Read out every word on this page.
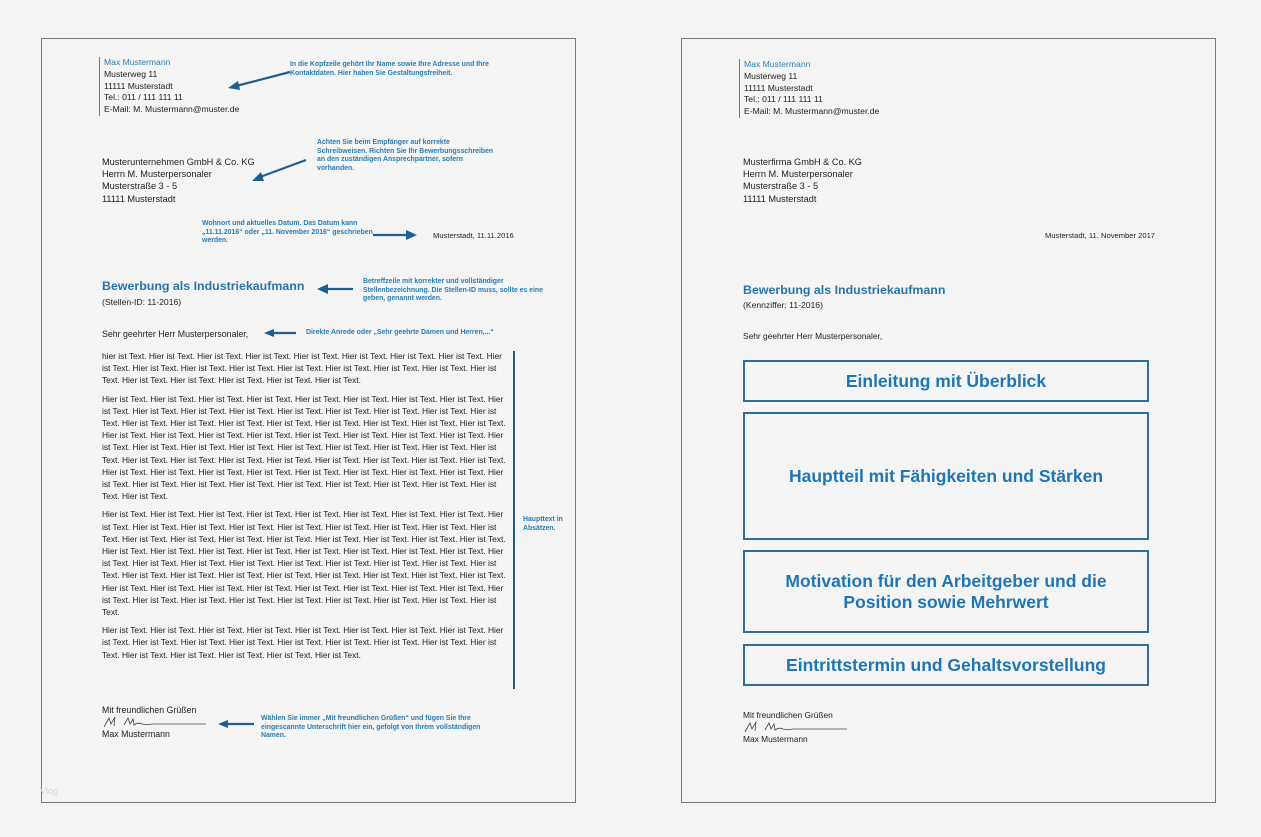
Max Mustermann
Musterweg 11
11111 Musterstadt
Tel.: 011 / 111 111 11
E-Mail: M. Mustermann@muster.de
In die Kopfzeile gehört Ihr Name sowie Ihre Adresse und Ihre Kontaktdaten. Hier haben Sie Gestaltungsfreiheit.
Musterunternehmen GmbH & Co. KG
Herrn M. Musterpersonaler
Musterstraße 3 - 5
11111 Musterstadt
Achten Sie beim Empfänger auf korrekte Schreibweisen. Richten Sie Ihr Bewerbungsschreiben an den zuständigen Ansprechpartner, sofern vorhanden.
Wohnort und aktuelles Datum. Das Datum kann „11.11.2016“ oder „11. November 2016“ geschrieben werden.
Musterstadt, 11.11.2016
Bewerbung als Industriekaufmann
(Stellen-ID: 11-2016)
Betreffzeile mit korrekter und vollständiger Stellenbezeichnung. Die Stellen-ID muss, sollte es eine geben, genannt werden.
Sehr geehrter Herr Musterpersonaler,	Direkte Anrede oder „Sehr geehrte Damen und Herren,...“

hier ist Text. Hier ist Text. Hier ist Text. Hier ist Text. Hier ist Text. Hier ist Text. Hier ist Text. Hier ist Text. Hier ist Text. Hier ist Text. Hier ist Text. Hier ist Text. Hier ist Text. Hier ist Text. Hier ist Text. Hier ist Text. Hier ist Text. Hier ist Text. Hier ist Text. Hier ist Text. Hier ist Text. Hier ist Text.

Hier ist Text. Hier ist Text. Hier ist Text. Hier ist Text. Hier ist Text. Hier ist Text. Hier ist Text. Hier ist Text. Hier ist Text. Hier ist Text. Hier ist Text. Hier ist Text. Hier ist Text. Hier ist Text. Hier ist Text. Hier ist Text. Hier ist Text. Hier ist Text. Hier ist Text. Hier ist Text. Hier ist Text. Hier ist Text. Hier ist Text. Hier ist Text. Hier ist Text. Hier ist Text. Hier ist Text. Hier ist Text. Hier ist Text. Hier ist Text. Hier ist Text. Hier ist Text. Hier ist Text. Hier ist Text. Hier ist Text. Hier ist Text. Hier ist Text. Hier ist Text. Hier ist Text. Hier ist Text. Hier ist Text. Hier ist Text. Hier ist Text. Hier ist Text. Hier ist Text. Hier ist Text. Hier ist Text. Hier ist Text. Hier ist Text. Hier ist Text. Hier ist Text. Hier ist Text. Hier ist Text. Hier ist Text. Hier ist Text. Hier ist Text. Hier ist Text. Hier ist Text. Hier ist Text. Hier ist Text. Hier ist Text. Hier ist Text. Hier ist Text. Hier ist Text. Hier ist Text. Hier ist Text. Hier ist Text. Hier ist Text.

Hier ist Text. Hier ist Text. Hier ist Text. Hier ist Text. Hier ist Text. Hier ist Text. Hier ist Text. Hier ist Text. Hier ist Text. Hier ist Text. Hier ist Text. Hier ist Text. Hier ist Text. Hier ist Text. Hier ist Text. Hier ist Text. Hier ist Text. Hier ist Text. Hier ist Text. Hier ist Text. Hier ist Text. Hier ist Text. Hier ist Text. Hier ist Text. Hier ist Text. Hier ist Text. Hier ist Text. Hier ist Text. Hier ist Text. Hier ist Text. Hier ist Text. Hier ist Text. Hier ist Text. Hier ist Text. Hier ist Text. Hier ist Text. Hier ist Text. Hier ist Text. Hier ist Text. Hier ist Text. Hier ist Text. Hier ist Text. Hier ist Text. Hier ist Text. Hier ist Text. Hier ist Text. Hier ist Text. Hier ist Text. Hier ist Text. Hier ist Text. Hier ist Text. Hier ist Text. Hier ist Text. Hier ist Text. Hier ist Text. Hier ist Text. Hier ist Text. Hier ist Text. Hier ist Text. Hier ist Text. Hier ist Text. Hier ist Text. Hier ist Text. Hier ist Text. Hier ist Text. Hier ist Text. Hier ist Text.

Hier ist Text. Hier ist Text. Hier ist Text. Hier ist Text. Hier ist Text. Hier ist Text. Hier ist Text. Hier ist Text. Hier ist Text. Hier ist Text. Hier ist Text. Hier ist Text. Hier ist Text. Hier ist Text. Hier ist Text. Hier ist Text. Hier ist Text. Hier ist Text. Hier ist Text. Hier ist Text. Hier ist Text. Hier ist Text.

Haupttext in Absätzen.
Mit freundlichen Grüßen
Max Mustermann
Wählen Sie immer „Mit freundlichen Grüßen“ und fügen Sie Ihre eingescannte Unterschrift hier ein, gefolgt von Ihrem vollständigen Namen.
Vlog
Max Mustermann
Musterweg 11
11111 Musterstadt
Tel.: 011 / 111 111 11
E-Mail: M. Mustermann@muster.de
Musterfirma GmbH & Co. KG
Herrn M. Musterpersonaler
Musterstraße 3 - 5
11111 Musterstadt
Musterstadt, 11. November 2017
Bewerbung als Industriekaufmann
(Kennziffer: 11-2016)
Sehr geehrter Herr Musterpersonaler,
Einleitung mit Überblick
Hauptteil mit Fähigkeiten und Stärken
Motivation für den Arbeitgeber und die Position sowie Mehrwert
Eintrittstermin und Gehaltsvorstellung
Mit freundlichen Grüßen
Max Mustermann
